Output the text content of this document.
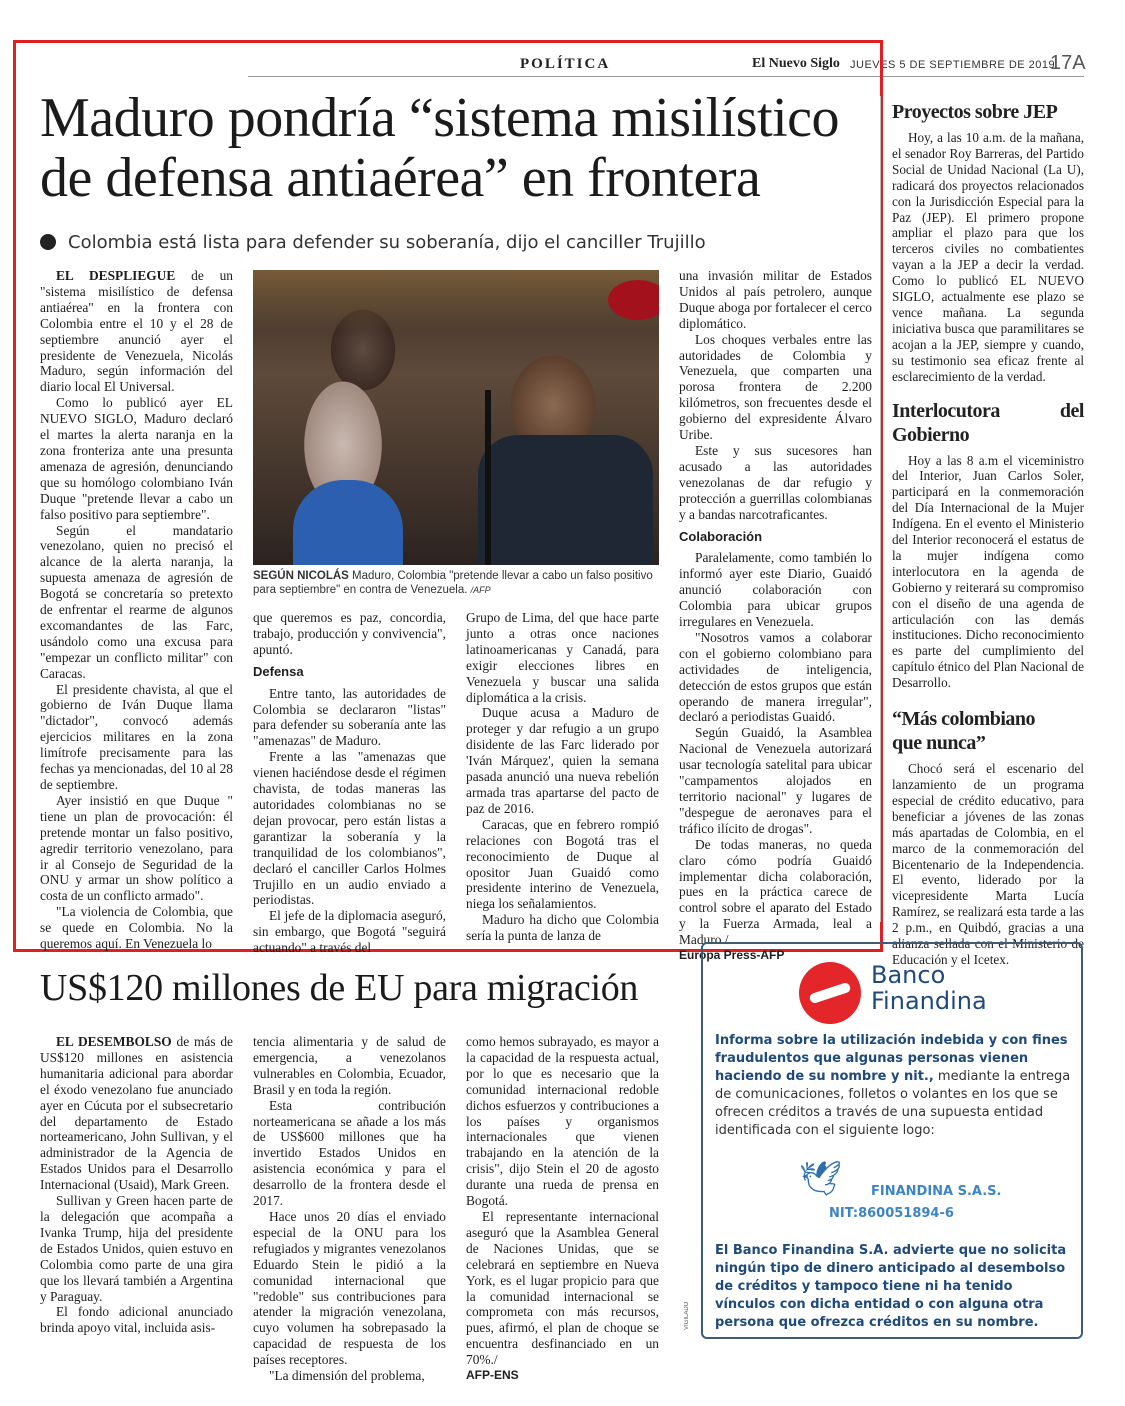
POLÍTICA	El Nuevo Siglo JUEVES 5 DE SEPTIEMBRE DE 2019
17A
Maduro pondría “sistema misilístico
de defensa antiaérea” en frontera
Colombia está lista para defender su soberanía, dijo el canciller Trujillo

EL DESPLIEGUE de un "sistema misilístico de defensa antiaérea" en la frontera con Colombia entre el 10 y el 28 de septiembre anunció ayer el presidente de Venezuela, Nicolás Maduro, según información del diario local El Universal.

Como lo publicó ayer EL NUEVO SIGLO, Maduro declaró el martes la alerta naranja en la zona fronteriza ante una presunta amenaza de agresión, denunciando que su homólogo colombiano Iván Duque "pretende llevar a cabo un falso positivo para septiembre".

Según el mandatario venezolano, quien no precisó el alcance de la alerta naranja, la supuesta amenaza de agresión de Bogotá se concretaría so pretexto de enfrentar el rearme de algunos excomandantes de las Farc, usándolo como una excusa para "empezar un conflicto militar" con Caracas.

El presidente chavista, al que el gobierno de Iván Duque llama "dictador", convocó además ejercicios militares en la zona limítrofe precisamente para las fechas ya mencionadas, del 10 al 28 de septiembre.

Ayer insistió en que Duque " tiene un plan de provocación: él pretende montar un falso positivo, agredir territorio venezolano, para ir al Consejo de Seguridad de la ONU y armar un show político a costa de un conflicto armado".

"La violencia de Colombia, que se quede en Colombia. No la queremos aquí. En Venezuela lo

SEGÚN NICOLÁS Maduro, Colombia "pretende llevar a cabo un falso positivo para septiembre" en contra de Venezuela. /AFP

que queremos es paz, concordia, trabajo, producción y convivencia", apuntó.

Defensa

Entre tanto, las autoridades de Colombia se declararon "listas" para defender su soberanía ante las "amenazas" de Maduro.

Frente a las "amenazas que vienen haciéndose desde el régimen chavista, de todas maneras las autoridades colombianas no se dejan provocar, pero están listas a garantizar la soberanía y la tranquilidad de los colombianos", declaró el canciller Carlos Holmes Trujillo en un audio enviado a periodistas.

El jefe de la diplomacia aseguró, sin embargo, que Bogotá "seguirá actuando" a través del

Grupo de Lima, del que hace parte junto a otras once naciones latinoamericanas y Canadá, para exigir elecciones libres en Venezuela y buscar una salida diplomática a la crisis.

Duque acusa a Maduro de proteger y dar refugio a un grupo disidente de las Farc liderado por 'Iván Márquez', quien la semana pasada anunció una nueva rebelión armada tras apartarse del pacto de paz de 2016.

Caracas, que en febrero rompió relaciones con Bogotá tras el reconocimiento de Duque al opositor Juan Guaidó como presidente interino de Venezuela, niega los señalamientos.

Maduro ha dicho que Colombia sería la punta de lanza de

una invasión militar de Estados Unidos al país petrolero, aunque Duque aboga por fortalecer el cerco diplomático.

Los choques verbales entre las autoridades de Colombia y Venezuela, que comparten una porosa frontera de 2.200 kilómetros, son frecuentes desde el gobierno del expresidente Álvaro Uribe.

Este y sus sucesores han acusado a las autoridades venezolanas de dar refugio y protección a guerrillas colombianas y a bandas narcotraficantes.

Colaboración

Paralelamente, como también lo informó ayer este Diario, Guaidó anunció colaboración con Colombia para ubicar grupos irregulares en Venezuela.

"Nosotros vamos a colaborar con el gobierno colombiano para actividades de inteligencia, detección de estos grupos que están operando de manera irregular", declaró a periodistas Guaidó.

Según Guaidó, la Asamblea Nacional de Venezuela autorizará usar tecnología satelital para ubicar "campamentos alojados en territorio nacional" y lugares de "despegue de aeronaves para el tráfico ilícito de drogas".

De todas maneras, no queda claro cómo podría Guaidó implementar dicha colaboración, pues en la práctica carece de control sobre el aparato del Estado y la Fuerza Armada, leal a Maduro./

Europa Press-AFP
Proyectos sobre JEP

Hoy, a las 10 a.m. de la mañana, el senador Roy Barreras, del Partido Social de Unidad Nacional (La U), radicará dos proyectos relacionados con la Jurisdicción Especial para la Paz (JEP). El primero propone ampliar el plazo para que los terceros civiles no combatientes vayan a la JEP a decir la verdad. Como lo publicó EL NUEVO SIGLO, actualmente ese plazo se vence mañana. La segunda iniciativa busca que paramilitares se acojan a la JEP, siempre y cuando, su testimonio sea eficaz frente al esclarecimiento de la verdad.

Interlocutora del Gobierno

Hoy a las 8 a.m el viceministro del Interior, Juan Carlos Soler, participará en la conmemoración del Día Internacional de la Mujer Indígena. En el evento el Ministerio del Interior reconocerá el estatus de la mujer indígena como interlocutora en la agenda de Gobierno y reiterará su compromiso con el diseño de una agenda de articulación con las demás instituciones. Dicho reconocimiento es parte del cumplimiento del capítulo étnico del Plan Nacional de Desarrollo.

“Más colombiano
que nunca”

Chocó será el escenario del lanzamiento de un programa especial de crédito educativo, para beneficiar a jóvenes de las zonas más apartadas de Colombia, en el marco de la conmemoración del Bicentenario de la Independencia. El evento, liderado por la vicepresidente Marta Lucía Ramírez, se realizará esta tarde a las 2 p.m., en Quibdó, gracias a una alianza sellada con el Ministerio de Educación y el Icetex.

US$120 millones de EU para migración

EL DESEMBOLSO de más de US$120 millones en asistencia humanitaria adicional para abordar el éxodo venezolano fue anunciado ayer en Cúcuta por el subsecretario del departamento de Estado norteamericano, John Sullivan, y el administrador de la Agencia de Estados Unidos para el Desarrollo Internacional (Usaid), Mark Green.

Sullivan y Green hacen parte de la delegación que acompaña a Ivanka Trump, hija del presidente de Estados Unidos, quien estuvo en Colombia como parte de una gira que los llevará también a Argentina y Paraguay.

El fondo adicional anunciado brinda apoyo vital, incluida asis-

tencia alimentaria y de salud de emergencia, a venezolanos vulnerables en Colombia, Ecuador, Brasil y en toda la región.

Esta contribución norteamericana se añade a los más de US$600 millones que ha invertido Estados Unidos en asistencia económica y para el desarrollo de la frontera desde el 2017.

Hace unos 20 días el enviado especial de la ONU para los refugiados y migrantes venezolanos Eduardo Stein le pidió a la comunidad internacional que "redoble" sus contribuciones para atender la migración venezolana, cuyo volumen ha sobrepasado la capacidad de respuesta de los países receptores.

"La dimensión del problema,

como hemos subrayado, es mayor a la capacidad de la respuesta actual, por lo que es necesario que la comunidad internacional redoble dichos esfuerzos y contribuciones a los países y organismos internacionales que vienen trabajando en la atención de la crisis", dijo Stein el 20 de agosto durante una rueda de prensa en Bogotá.

El representante internacional aseguró que la Asamblea General de Naciones Unidas, que se celebrará en septiembre en Nueva York, es el lugar propicio para que la comunidad internacional se comprometa con más recursos, pues, afirmó, el plan de choque se encuentra desfinanciado en un 70%./

AFP-ENS
VIGILADO
Banco
Finandina
Informa sobre la utilización indebida y con fines fraudulentos que algunas personas vienen haciendo de su nombre y nit., mediante la entrega de comunicaciones, folletos o volantes en los que se ofrecen créditos a través de una supuesta entidad identificada con el siguiente logo:
🕊 FINANDINA S.A.S.
NIT:860051894-6
El Banco Finandina S.A. advierte que no solicita ningún tipo de dinero anticipado al desembolso de créditos y tampoco tiene ni ha tenido vínculos con dicha entidad o con alguna otra persona que ofrezca créditos en su nombre.
